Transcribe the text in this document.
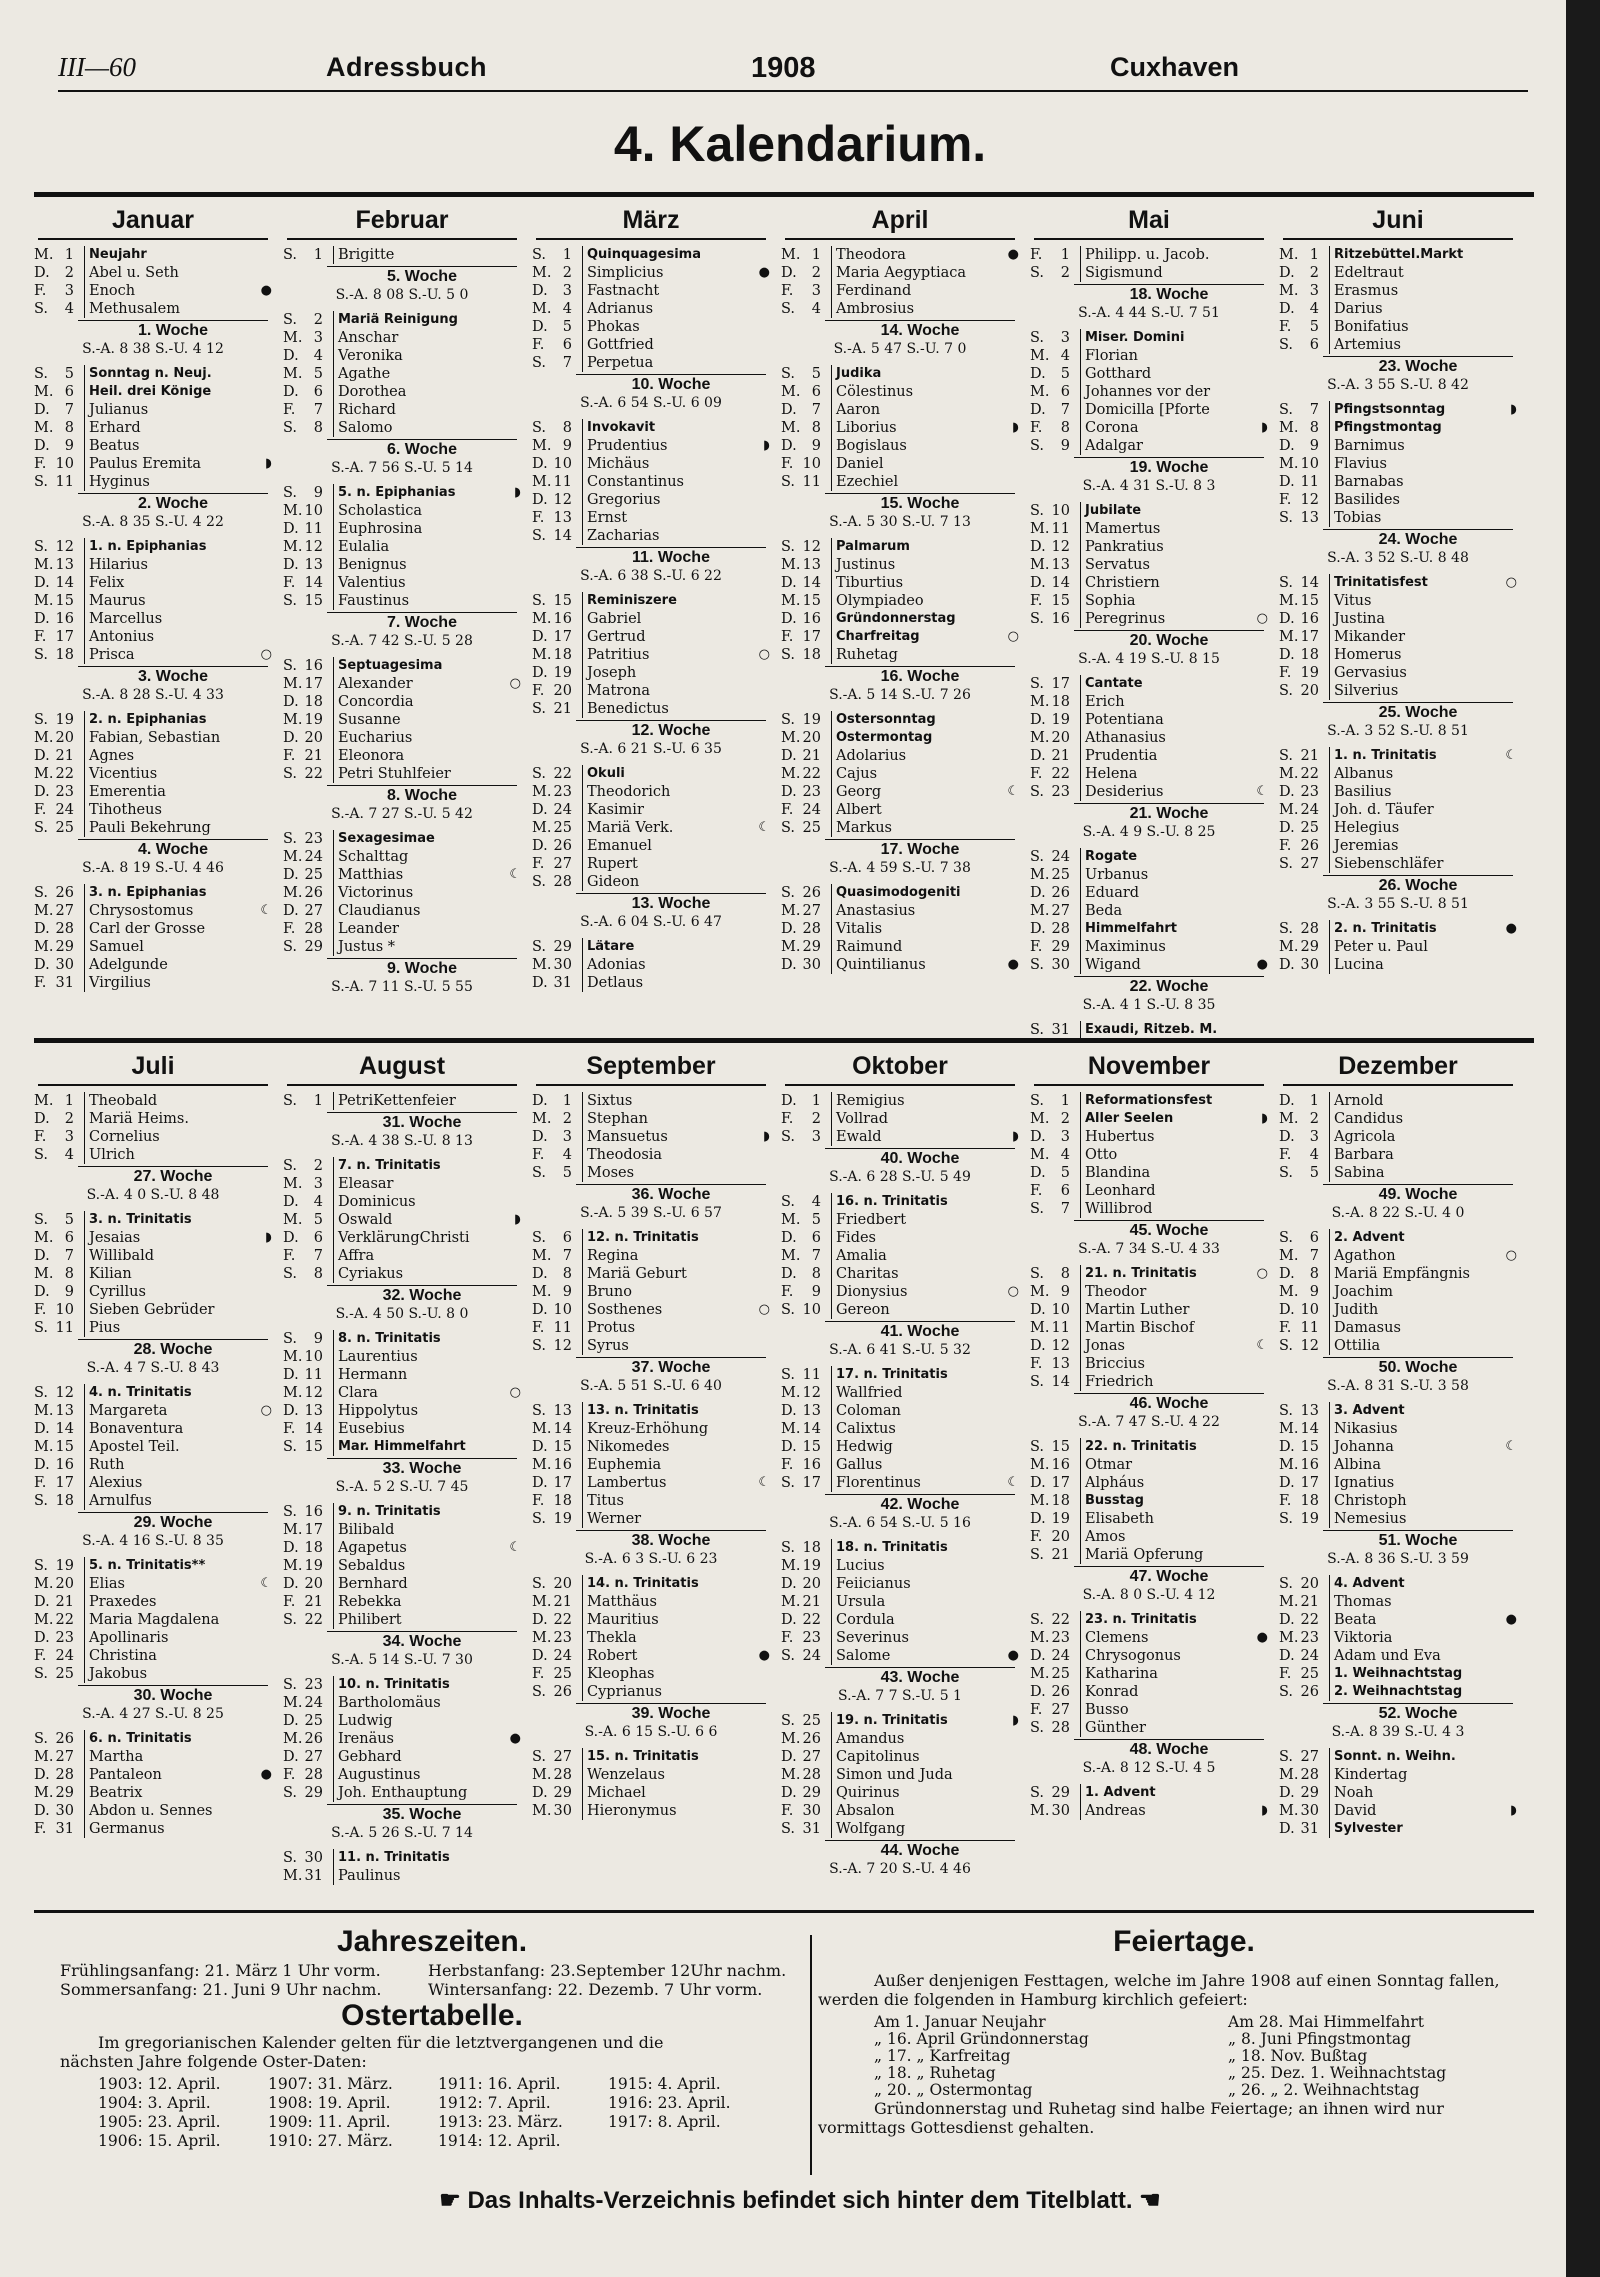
III—60	Adressbuch	1908	Cuxhaven
4. Kalendarium.
Januar
M. 1	Neujahr
D.	2	Abel u. Seth
F.	3	Enoch	●
S.	4	Methusalem
1. Woche
S.-A. 8 38 S.-U. 4 12
S.	5	Sonntag n. Neuj.
M. 6	Heil. drei Könige
D.	7	Julianus
M. 8	Erhard
D.	9	Beatus
F. 10	Paulus Eremita	◗
S. 11	Hyginus
2. Woche
S.-A. 8 35 S.-U. 4 22
S. 12	1. n. Epiphanias
M. 13	Hilarius
D. 14	Felix
M. 15	Maurus
D. 16	Marcellus
F. 17	Antonius
S. 18	Prisca	○
3. Woche
S.-A. 8 28 S.-U. 4 33
S. 19	2. n. Epiphanias
M. 20	Fabian, Sebastian
D. 21	Agnes
M. 22	Vicentius
D. 23	Emerentia
F. 24	Tihotheus
S. 25	Pauli Bekehrung
4. Woche
S.-A. 8 19 S.-U. 4 46
S. 26	3. n. Epiphanias
M. 27	Chrysostomus	☾
D. 28	Carl der Grosse
M. 29	Samuel
D. 30	Adelgunde
F. 31	Virgilius
Februar
S.	1	Brigitte
5. Woche
S.-A. 8 08 S.-U. 5 0
S.	2	Mariä Reinigung
M. 3	Anschar
D.	4	Veronika
M. 5	Agathe
D.	6	Dorothea
F.	7	Richard
S.	8	Salomo
6. Woche
S.-A. 7 56 S.-U. 5 14
S.	9	5. n. Epiphanias	◗
M. 10	Scholastica
D. 11	Euphrosina
M. 12	Eulalia
D. 13	Benignus
F. 14	Valentius
S. 15	Faustinus
7. Woche
S.-A. 7 42 S.-U. 5 28
S. 16	Septuagesima
M. 17	Alexander	○
D. 18	Concordia
M. 19	Susanne
D. 20	Eucharius
F. 21	Eleonora
S. 22	Petri Stuhlfeier
8. Woche
S.-A. 7 27 S.-U. 5 42
S. 23	Sexagesimae
M. 24	Schalttag
D. 25	Matthias	☾
M. 26	Victorinus
D. 27	Claudianus
F. 28	Leander
S. 29	Justus *
9. Woche
S.-A. 7 11 S.-U. 5 55
März
S.	1	Quinquagesima
M. 2	Simplicius	●
D.	3	Fastnacht
M. 4	Adrianus
D.	5	Phokas
F.	6	Gottfried
S.	7	Perpetua
10. Woche
S.-A. 6 54 S.-U. 6 09
S.	8	Invokavit
M. 9	Prudentius	◗
D. 10	Michäus
M. 11	Constantinus
D. 12	Gregorius
F. 13	Ernst
S. 14	Zacharias
11. Woche
S.-A. 6 38 S.-U. 6 22
S. 15	Reminiszere
M. 16	Gabriel
D. 17	Gertrud
M. 18	Patritius	○
D. 19	Joseph
F. 20	Matrona
S. 21	Benedictus
12. Woche
S.-A. 6 21 S.-U. 6 35
S. 22	Okuli
M. 23	Theodorich
D. 24	Kasimir
M. 25	Mariä Verk.	☾
D. 26	Emanuel
F. 27	Rupert
S. 28	Gideon
13. Woche
S.-A. 6 04 S.-U. 6 47
S. 29	Lätare
M. 30	Adonias
D. 31	Detlaus
April
M. 1	Theodora	●
D.	2	Maria Aegyptiaca
F.	3	Ferdinand
S.	4	Ambrosius
14. Woche
S.-A. 5 47 S.-U. 7 0
S.	5	Judika
M. 6	Cölestinus
D.	7	Aaron
M. 8	Liborius	◗
D.	9	Bogislaus
F. 10	Daniel
S. 11	Ezechiel
15. Woche
S.-A. 5 30 S.-U. 7 13
S. 12	Palmarum
M. 13	Justinus
D. 14	Tiburtius
M. 15	Olympiadeo
D. 16	Gründonnerstag
F. 17	Charfreitag	○
S. 18	Ruhetag
16. Woche
S.-A. 5 14 S.-U. 7 26
S. 19	Ostersonntag
M. 20	Ostermontag
D. 21	Adolarius
M. 22	Cajus
D. 23	Georg	☾
F. 24	Albert
S. 25	Markus
17. Woche
S.-A. 4 59 S.-U. 7 38
S. 26	Quasimodogeniti
M. 27	Anastasius
D. 28	Vitalis
M. 29	Raimund
D. 30	Quintilianus	●
Mai
F.	1	Philipp. u. Jacob.
S.	2	Sigismund
18. Woche
S.-A. 4 44 S.-U. 7 51
S.	3	Miser. Domini
M. 4	Florian
D.	5	Gotthard
M. 6	Johannes vor der
D.	7	Domicilla [Pforte
F.	8	Corona	◗
S.	9	Adalgar
19. Woche
S.-A. 4 31 S.-U. 8 3
S. 10	Jubilate
M. 11	Mamertus
D. 12	Pankratius
M. 13	Servatus
D. 14	Christiern
F. 15	Sophia
S. 16	Peregrinus	○
20. Woche
S.-A. 4 19 S.-U. 8 15
S. 17	Cantate
M. 18	Erich
D. 19	Potentiana
M. 20	Athanasius
D. 21	Prudentia
F. 22	Helena
S. 23	Desiderius	☾
21. Woche
S.-A. 4 9 S.-U. 8 25
S. 24	Rogate
M. 25	Urbanus
D. 26	Eduard
M. 27	Beda
D. 28	Himmelfahrt
F. 29	Maximinus
S. 30	Wigand	●
22. Woche
S.-A. 4 1 S.-U. 8 35
S. 31	Exaudi, Ritzeb. M.
Juni
M. 1	Ritzebüttel.Markt
D.	2	Edeltraut
M. 3	Erasmus
D.	4	Darius
F.	5	Bonifatius
S.	6	Artemius
23. Woche
S.-A. 3 55 S.-U. 8 42
S.	7	Pfingstsonntag	◗
M. 8	Pfingstmontag
D.	9	Barnimus
M. 10	Flavius
D. 11	Barnabas
F. 12	Basilides
S. 13	Tobias
24. Woche
S.-A. 3 52 S.-U. 8 48
S. 14	Trinitatisfest	○
M. 15	Vitus
D. 16	Justina
M. 17	Mikander
D. 18	Homerus
F. 19	Gervasius
S. 20	Silverius
25. Woche
S.-A. 3 52 S.-U. 8 51
S. 21	1. n. Trinitatis	☾
M. 22	Albanus
D. 23	Basilius
M. 24	Joh. d. Täufer
D. 25	Helegius
F. 26	Jeremias
S. 27	Siebenschläfer
26. Woche
S.-A. 3 55 S.-U. 8 51
S. 28	2. n. Trinitatis	●
M. 29	Peter u. Paul
D. 30	Lucina
Juli
M. 1	Theobald
D.	2	Mariä Heims.
F.	3	Cornelius
S.	4	Ulrich
27. Woche
S.-A. 4 0 S.-U. 8 48
S.	5	3. n. Trinitatis
M. 6	Jesaias	◗
D.	7	Willibald
M. 8	Kilian
D.	9	Cyrillus
F. 10	Sieben Gebrüder
S. 11	Pius
28. Woche
S.-A. 4 7 S.-U. 8 43
S. 12	4. n. Trinitatis
M. 13	Margareta	○
D. 14	Bonaventura
M. 15	Apostel Teil.
D. 16	Ruth
F. 17	Alexius
S. 18	Arnulfus
29. Woche
S.-A. 4 16 S.-U. 8 35
S. 19	5. n. Trinitatis**
M. 20	Elias	☾
D. 21	Praxedes
M. 22	Maria Magdalena
D. 23	Apollinaris
F. 24	Christina
S. 25	Jakobus
30. Woche
S.-A. 4 27 S.-U. 8 25
S. 26	6. n. Trinitatis
M. 27	Martha
D. 28	Pantaleon	●
M. 29	Beatrix
D. 30	Abdon u. Sennes
F. 31	Germanus
August
S.	1	PetriKettenfeier
31. Woche
S.-A. 4 38 S.-U. 8 13
S.	2	7. n. Trinitatis
M. 3	Eleasar
D.	4	Dominicus
M. 5	Oswald	◗
D.	6	VerklärungChristi
F.	7	Affra
S.	8	Cyriakus
32. Woche
S.-A. 4 50 S.-U. 8 0
S.	9	8. n. Trinitatis
M. 10	Laurentius
D. 11	Hermann
M. 12	Clara	○
D. 13	Hippolytus
F. 14	Eusebius
S. 15	Mar. Himmelfahrt
33. Woche
S.-A. 5 2 S.-U. 7 45
S. 16	9. n. Trinitatis
M. 17	Bilibald
D. 18	Agapetus	☾
M. 19	Sebaldus
D. 20	Bernhard
F. 21	Rebekka
S. 22	Philibert
34. Woche
S.-A. 5 14 S.-U. 7 30
S. 23	10. n. Trinitatis
M. 24	Bartholomäus
D. 25	Ludwig
M. 26	Irenäus	●
D. 27	Gebhard
F. 28	Augustinus
S. 29	Joh. Enthauptung
35. Woche
S.-A. 5 26 S.-U. 7 14
S. 30	11. n. Trinitatis
M. 31	Paulinus
September
D.	1	Sixtus
M. 2	Stephan
D.	3	Mansuetus	◗
F.	4	Theodosia
S.	5	Moses
36. Woche
S.-A. 5 39 S.-U. 6 57
S.	6	12. n. Trinitatis
M. 7	Regina
D.	8	Mariä Geburt
M. 9	Bruno
D. 10	Sosthenes	○
F. 11	Protus
S. 12	Syrus
37. Woche
S.-A. 5 51 S.-U. 6 40
S. 13	13. n. Trinitatis
M. 14	Kreuz-Erhöhung
D. 15	Nikomedes
M. 16	Euphemia
D. 17	Lambertus	☾
F. 18	Titus
S. 19	Werner
38. Woche
S.-A. 6 3 S.-U. 6 23
S. 20	14. n. Trinitatis
M. 21	Matthäus
D. 22	Mauritius
M. 23	Thekla
D. 24	Robert	●
F. 25	Kleophas
S. 26	Cyprianus
39. Woche
S.-A. 6 15 S.-U. 6 6
S. 27	15. n. Trinitatis
M. 28	Wenzelaus
D. 29	Michael
M. 30	Hieronymus
Oktober
D.	1	Remigius
F.	2	Vollrad
S.	3	Ewald	◗
40. Woche
S.-A. 6 28 S.-U. 5 49
S.	4	16. n. Trinitatis
M. 5	Friedbert
D.	6	Fides
M. 7	Amalia
D.	8	Charitas
F.	9	Dionysius	○
S. 10	Gereon
41. Woche
S.-A. 6 41 S.-U. 5 32
S. 11	17. n. Trinitatis
M. 12	Wallfried
D. 13	Coloman
M. 14	Calixtus
D. 15	Hedwig
F. 16	Gallus
S. 17	Florentinus	☾
42. Woche
S.-A. 6 54 S.-U. 5 16
S. 18	18. n. Trinitatis
M. 19	Lucius
D. 20	Feiicianus
M. 21	Ursula
D. 22	Cordula
F. 23	Severinus
S. 24	Salome	●
43. Woche
S.-A. 7 7 S.-U. 5 1
S. 25	19. n. Trinitatis	◗
M. 26	Amandus
D. 27	Capitolinus
M. 28	Simon und Juda
D. 29	Quirinus
F. 30	Absalon
S. 31	Wolfgang
44. Woche
S.-A. 7 20 S.-U. 4 46
November
S.	1	Reformationsfest
M. 2	Aller Seelen	◗
D.	3	Hubertus
M. 4	Otto
D.	5	Blandina
F.	6	Leonhard
S.	7	Willibrod
45. Woche
S.-A. 7 34 S.-U. 4 33
S.	8	21. n. Trinitatis	○
M. 9	Theodor
D. 10	Martin Luther
M. 11	Martin Bischof
D. 12	Jonas	☾
F. 13	Briccius
S. 14	Friedrich
46. Woche
S.-A. 7 47 S.-U. 4 22
S. 15	22. n. Trinitatis
M. 16	Otmar
D. 17	Alpháus
M. 18	Busstag
D. 19	Elisabeth
F. 20	Amos
S. 21	Mariä Opferung
47. Woche
S.-A. 8 0 S.-U. 4 12
S. 22	23. n. Trinitatis
M. 23	Clemens	●
D. 24	Chrysogonus
M. 25	Katharina
D. 26	Konrad
F. 27	Busso
S. 28	Günther
48. Woche
S.-A. 8 12 S.-U. 4 5
S. 29	1. Advent
M. 30	Andreas	◗
Dezember
D.	1	Arnold
M. 2	Candidus
D.	3	Agricola
F.	4	Barbara
S.	5	Sabina
49. Woche
S.-A. 8 22 S.-U. 4 0
S.	6	2. Advent
M. 7	Agathon	○
D.	8	Mariä Empfängnis
M. 9	Joachim
D. 10	Judith
F. 11	Damasus
S. 12	Ottilia
50. Woche
S.-A. 8 31 S.-U. 3 58
S. 13	3. Advent
M. 14	Nikasius
D. 15	Johanna	☾
M. 16	Albina
D. 17	Ignatius
F. 18	Christoph
S. 19	Nemesius
51. Woche
S.-A. 8 36 S.-U. 3 59
S. 20	4. Advent
M. 21	Thomas
D. 22	Beata	●
M. 23	Viktoria
D. 24	Adam und Eva
F. 25	1. Weihnachtstag
S. 26	2. Weihnachtstag
52. Woche
S.-A. 8 39 S.-U. 4 3
S. 27	Sonnt. n. Weihn.
M. 28	Kindertag
D. 29	Noah
M. 30	David	◗
D. 31	Sylvester
Jahreszeiten.
Frühlingsanfang: 21. März 1 Uhr vorm.
Sommersanfang: 21. Juni 9 Uhr nachm.
Herbstanfang: 23.September 12Uhr nachm.
Wintersanfang: 22. Dezemb. 7 Uhr vorm.
Ostertabelle.
Im gregorianischen Kalender gelten für die letztvergangenen und die
nächsten Jahre folgende Oster-Daten:
1903: 12. April.
1904: 3. April.
1905: 23. April.
1906: 15. April.
1907: 31. März.
1908: 19. April.
1909: 11. April.
1910: 27. März.
1911: 16. April.
1912: 7. April.
1913: 23. März.
1914: 12. April.
1915: 4. April.
1916: 23. April.
1917: 8. April.
Feiertage.
Außer denjenigen Festtagen, welche im Jahre 1908 auf einen Sonntag fallen,
werden die folgenden in Hamburg kirchlich gefeiert:
Am 1. Januar Neujahr
„ 16. April Gründonnerstag
„ 17. „ Karfreitag
„ 18. „ Ruhetag
„ 20. „ Ostermontag
Am 28. Mai Himmelfahrt
„ 8. Juni Pfingstmontag
„ 18. Nov. Bußtag
„ 25. Dez. 1. Weihnachtstag
„ 26. „ 2. Weihnachtstag
Gründonnerstag und Ruhetag sind halbe Feiertage; an ihnen wird nur
vormittags Gottesdienst gehalten.
☛ Das Inhalts-Verzeichnis befindet sich hinter dem Titelblatt. ☚
